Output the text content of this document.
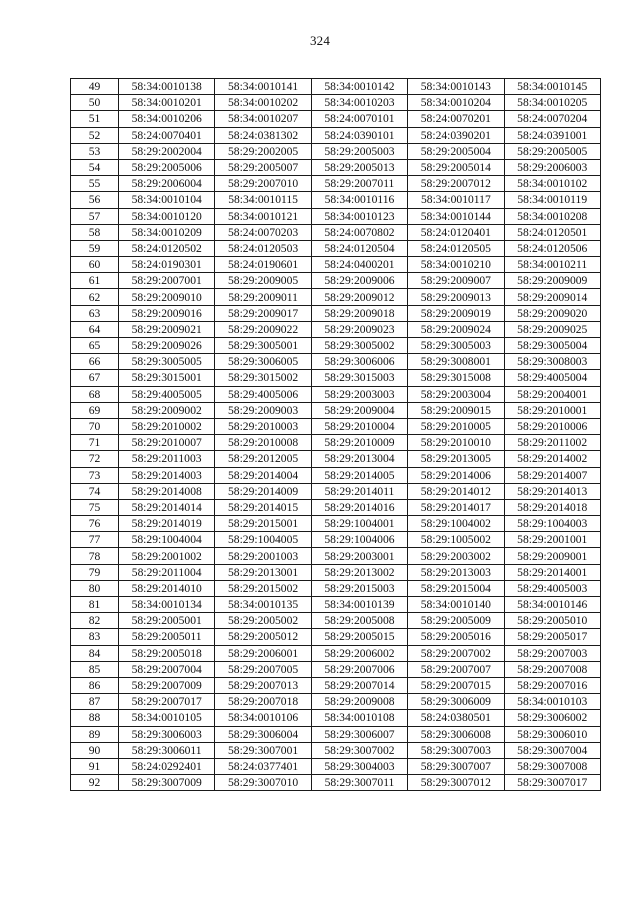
324
49	58:34:0010138	58:34:0010141	58:34:0010142	58:34:0010143	58:34:0010145
50	58:34:0010201	58:34:0010202	58:34:0010203	58:34:0010204	58:34:0010205
51	58:34:0010206	58:34:0010207	58:24:0070101	58:24:0070201	58:24:0070204
52	58:24:0070401	58:24:0381302	58:24:0390101	58:24:0390201	58:24:0391001
53	58:29:2002004	58:29:2002005	58:29:2005003	58:29:2005004	58:29:2005005
54	58:29:2005006	58:29:2005007	58:29:2005013	58:29:2005014	58:29:2006003
55	58:29:2006004	58:29:2007010	58:29:2007011	58:29:2007012	58:34:0010102
56	58:34:0010104	58:34:0010115	58:34:0010116	58:34:0010117	58:34:0010119
57	58:34:0010120	58:34:0010121	58:34:0010123	58:34:0010144	58:34:0010208
58	58:34:0010209	58:24:0070203	58:24:0070802	58:24:0120401	58:24:0120501
59	58:24:0120502	58:24:0120503	58:24:0120504	58:24:0120505	58:24:0120506
60	58:24:0190301	58:24:0190601	58:24:0400201	58:34:0010210	58:34:0010211
61	58:29:2007001	58:29:2009005	58:29:2009006	58:29:2009007	58:29:2009009
62	58:29:2009010	58:29:2009011	58:29:2009012	58:29:2009013	58:29:2009014
63	58:29:2009016	58:29:2009017	58:29:2009018	58:29:2009019	58:29:2009020
64	58:29:2009021	58:29:2009022	58:29:2009023	58:29:2009024	58:29:2009025
65	58:29:2009026	58:29:3005001	58:29:3005002	58:29:3005003	58:29:3005004
66	58:29:3005005	58:29:3006005	58:29:3006006	58:29:3008001	58:29:3008003
67	58:29:3015001	58:29:3015002	58:29:3015003	58:29:3015008	58:29:4005004
68	58:29:4005005	58:29:4005006	58:29:2003003	58:29:2003004	58:29:2004001
69	58:29:2009002	58:29:2009003	58:29:2009004	58:29:2009015	58:29:2010001
70	58:29:2010002	58:29:2010003	58:29:2010004	58:29:2010005	58:29:2010006
71	58:29:2010007	58:29:2010008	58:29:2010009	58:29:2010010	58:29:2011002
72	58:29:2011003	58:29:2012005	58:29:2013004	58:29:2013005	58:29:2014002
73	58:29:2014003	58:29:2014004	58:29:2014005	58:29:2014006	58:29:2014007
74	58:29:2014008	58:29:2014009	58:29:2014011	58:29:2014012	58:29:2014013
75	58:29:2014014	58:29:2014015	58:29:2014016	58:29:2014017	58:29:2014018
76	58:29:2014019	58:29:2015001	58:29:1004001	58:29:1004002	58:29:1004003
77	58:29:1004004	58:29:1004005	58:29:1004006	58:29:1005002	58:29:2001001
78	58:29:2001002	58:29:2001003	58:29:2003001	58:29:2003002	58:29:2009001
79	58:29:2011004	58:29:2013001	58:29:2013002	58:29:2013003	58:29:2014001
80	58:29:2014010	58:29:2015002	58:29:2015003	58:29:2015004	58:29:4005003
81	58:34:0010134	58:34:0010135	58:34:0010139	58:34:0010140	58:34:0010146
82	58:29:2005001	58:29:2005002	58:29:2005008	58:29:2005009	58:29:2005010
83	58:29:2005011	58:29:2005012	58:29:2005015	58:29:2005016	58:29:2005017
84	58:29:2005018	58:29:2006001	58:29:2006002	58:29:2007002	58:29:2007003
85	58:29:2007004	58:29:2007005	58:29:2007006	58:29:2007007	58:29:2007008
86	58:29:2007009	58:29:2007013	58:29:2007014	58:29:2007015	58:29:2007016
87	58:29:2007017	58:29:2007018	58:29:2009008	58:29:3006009	58:34:0010103
88	58:34:0010105	58:34:0010106	58:34:0010108	58:24:0380501	58:29:3006002
89	58:29:3006003	58:29:3006004	58:29:3006007	58:29:3006008	58:29:3006010
90	58:29:3006011	58:29:3007001	58:29:3007002	58:29:3007003	58:29:3007004
91	58:24:0292401	58:24:0377401	58:29:3004003	58:29:3007007	58:29:3007008
92	58:29:3007009	58:29:3007010	58:29:3007011	58:29:3007012	58:29:3007017
